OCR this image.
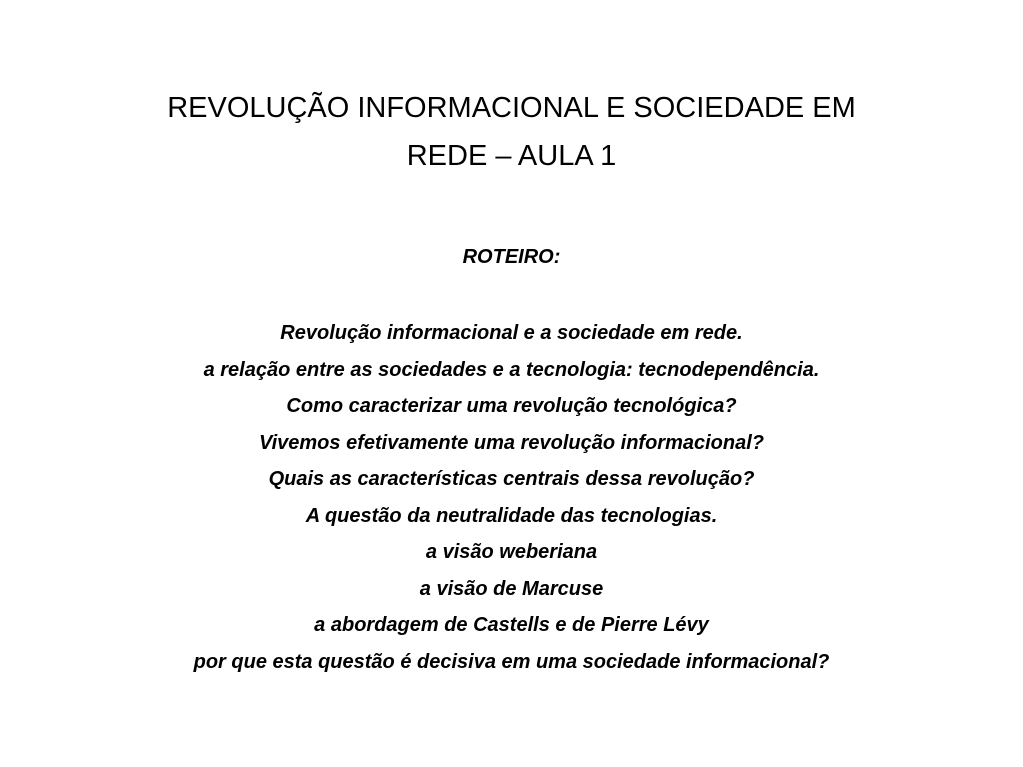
REVOLUÇÃO INFORMACIONAL E SOCIEDADE EM
REDE – AULA 1
ROTEIRO:
Revolução informacional e a sociedade em rede.
a relação entre as sociedades e a tecnologia: tecnodependência.
Como caracterizar uma revolução tecnológica?
Vivemos efetivamente uma revolução informacional?
Quais as características centrais dessa revolução?
A questão da neutralidade das tecnologias.
a visão weberiana
a visão de Marcuse
a abordagem de Castells e de Pierre Lévy
por que esta questão é decisiva em uma sociedade informacional?
